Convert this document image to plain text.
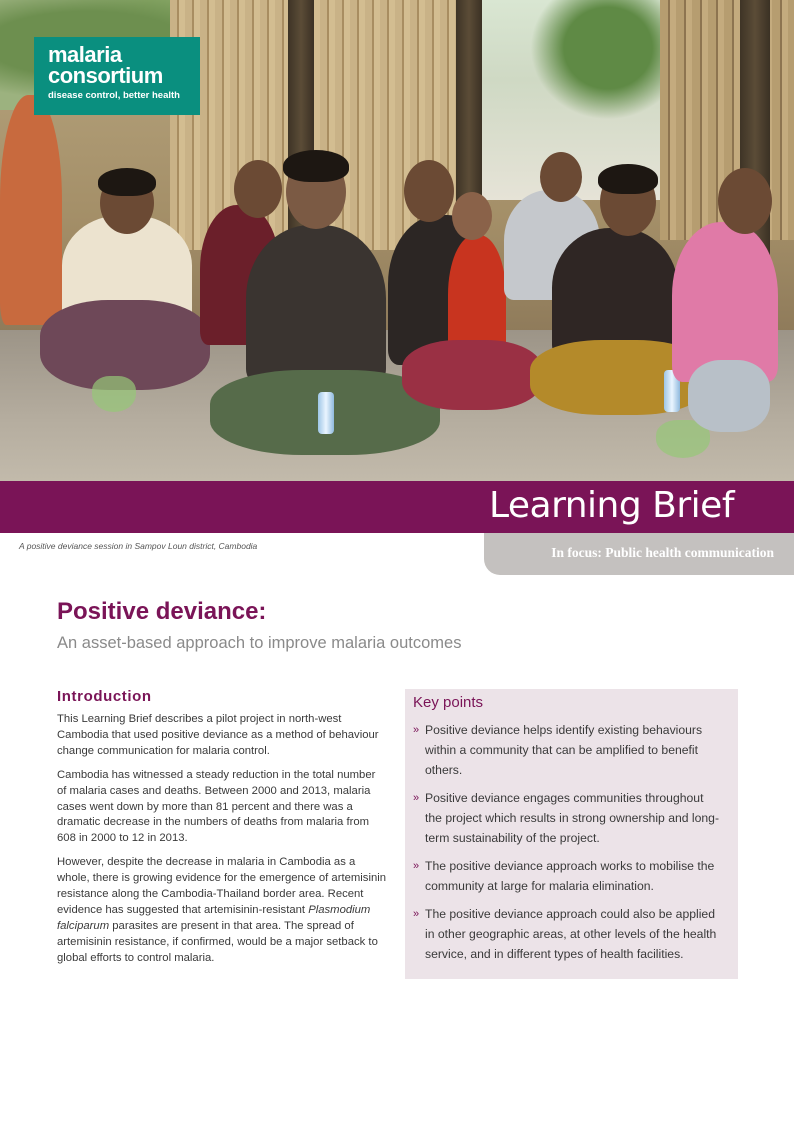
malaria
consortium
disease control, better health
Learning Brief
A positive deviance session in Sampov Loun district, Cambodia	In focus: Public health communication
Positive deviance:
An asset-based approach to improve malaria outcomes
Introduction

This Learning Brief describes a pilot project in north-west Cambodia that used positive deviance as a method of behaviour change communication for malaria control.

Cambodia has witnessed a steady reduction in the total number of malaria cases and deaths. Between 2000 and 2013, malaria cases went down by more than 81 percent and there was a dramatic decrease in the numbers of deaths from malaria from 608 in 2000 to 12 in 2013.

However, despite the decrease in malaria in Cambodia as a whole, there is growing evidence for the emergence of artemisinin resistance along the Cambodia-Thailand border area. Recent evidence has suggested that artemisinin-resistant Plasmodium falciparum parasites are present in that area. The spread of artemisinin resistance, if confirmed, would be a major setback to global efforts to control malaria.

Key points
» Positive deviance helps identify existing behaviours within a community that can be amplified to benefit others.
» Positive deviance engages communities throughout the project which results in strong ownership and long-term sustainability of the project.
» The positive deviance approach works to mobilise the community at large for malaria elimination.
» The positive deviance approach could also be applied in other geographic areas, at other levels of the health service, and in different types of health facilities.
